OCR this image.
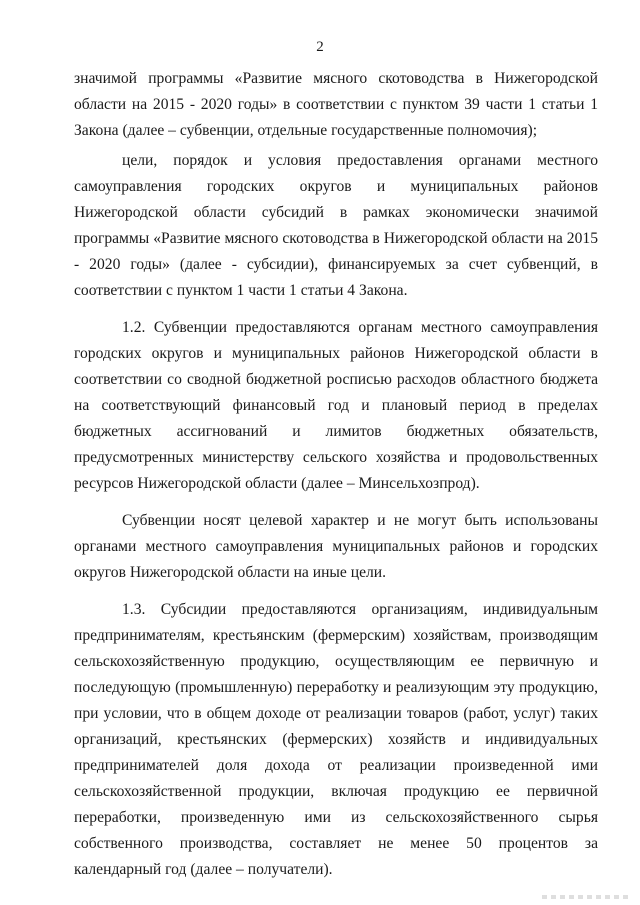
2

значимой программы «Развитие мясного скотоводства в Нижегородской области на 2015 - 2020 годы» в соответствии с пунктом 39 части 1 статьи 1 Закона (далее – субвенции, отдельные государственные полномочия);

цели, порядок и условия предоставления органами местного самоуправления городских округов и муниципальных районов Нижегородской области субсидий в рамках экономически значимой программы «Развитие мясного скотоводства в Нижегородской области на 2015 - 2020 годы» (далее - субсидии), финансируемых за счет субвенций, в соответствии с пунктом 1 части 1 статьи 4 Закона.

1.2. Субвенции предоставляются органам местного самоуправления городских округов и муниципальных районов Нижегородской области в соответствии со сводной бюджетной росписью расходов областного бюджета на соответствующий финансовый год и плановый период в пределах бюджетных ассигнований и лимитов бюджетных обязательств, предусмотренных министерству сельского хозяйства и продовольственных ресурсов Нижегородской области (далее – Минсельхозпрод).

Субвенции носят целевой характер и не могут быть использованы органами местного самоуправления муниципальных районов и городских округов Нижегородской области на иные цели.

1.3. Субсидии предоставляются организациям, индивидуальным предпринимателям, крестьянским (фермерским) хозяйствам, производящим сельскохозяйственную продукцию, осуществляющим ее первичную и последующую (промышленную) переработку и реализующим эту продукцию, при условии, что в общем доходе от реализации товаров (работ, услуг) таких организаций, крестьянских (фермерских) хозяйств и индивидуальных предпринимателей доля дохода от реализации произведенной ими сельскохозяйственной продукции, включая продукцию ее первичной переработки, произведенную ими из сельскохозяйственного сырья собственного производства, составляет не менее 50 процентов за календарный год (далее – получатели).
